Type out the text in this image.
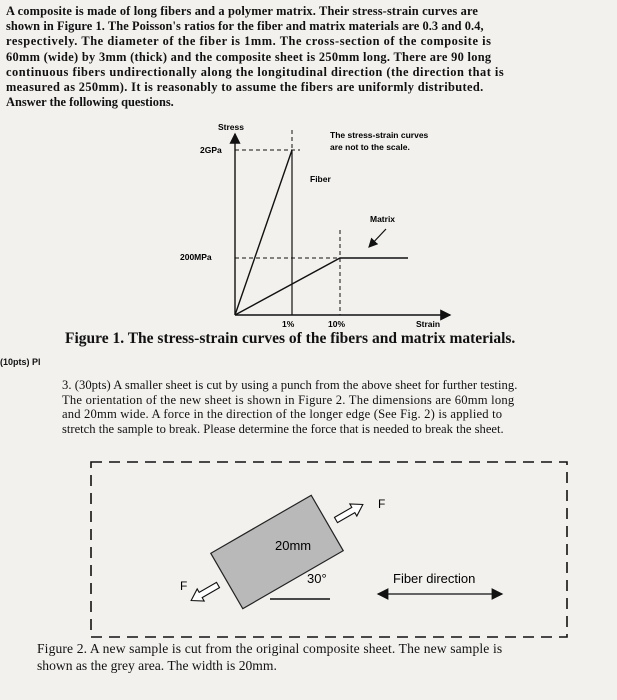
A composite is made of long fibers and a polymer matrix. Their stress-strain curves are
shown in Figure 1. The Poisson's ratios for the fiber and matrix materials are 0.3 and 0.4,
respectively. The diameter of the fiber is 1mm. The cross-section of the composite is
60mm (wide) by 3mm (thick) and the composite sheet is 250mm long. There are 90 long
continuous fibers undirectionally along the longitudinal direction (the direction that is
measured as 250mm). It is reasonably to assume the fibers are uniformly distributed.
Answer the following questions.

Stress
2GPa
200MPa
1%	10%	Strain
The stress-strain curves
are not to the scale.
Fiber
Matrix
Figure 1. The stress-strain curves of the fibers and matrix materials.
(10pts) Pl

3. (30pts) A smaller sheet is cut by using a punch from the above sheet for further testing.
The orientation of the new sheet is shown in Figure 2. The dimensions are 60mm long
and 20mm wide. A force in the direction of the longer edge (See Fig. 2) is applied to
stretch the sample to break. Please determine the force that is needed to break the sheet.

F
F
20mm
30°	Fiber direction

Figure 2. A new sample is cut from the original composite sheet. The new sample is
shown as the grey area. The width is 20mm.
